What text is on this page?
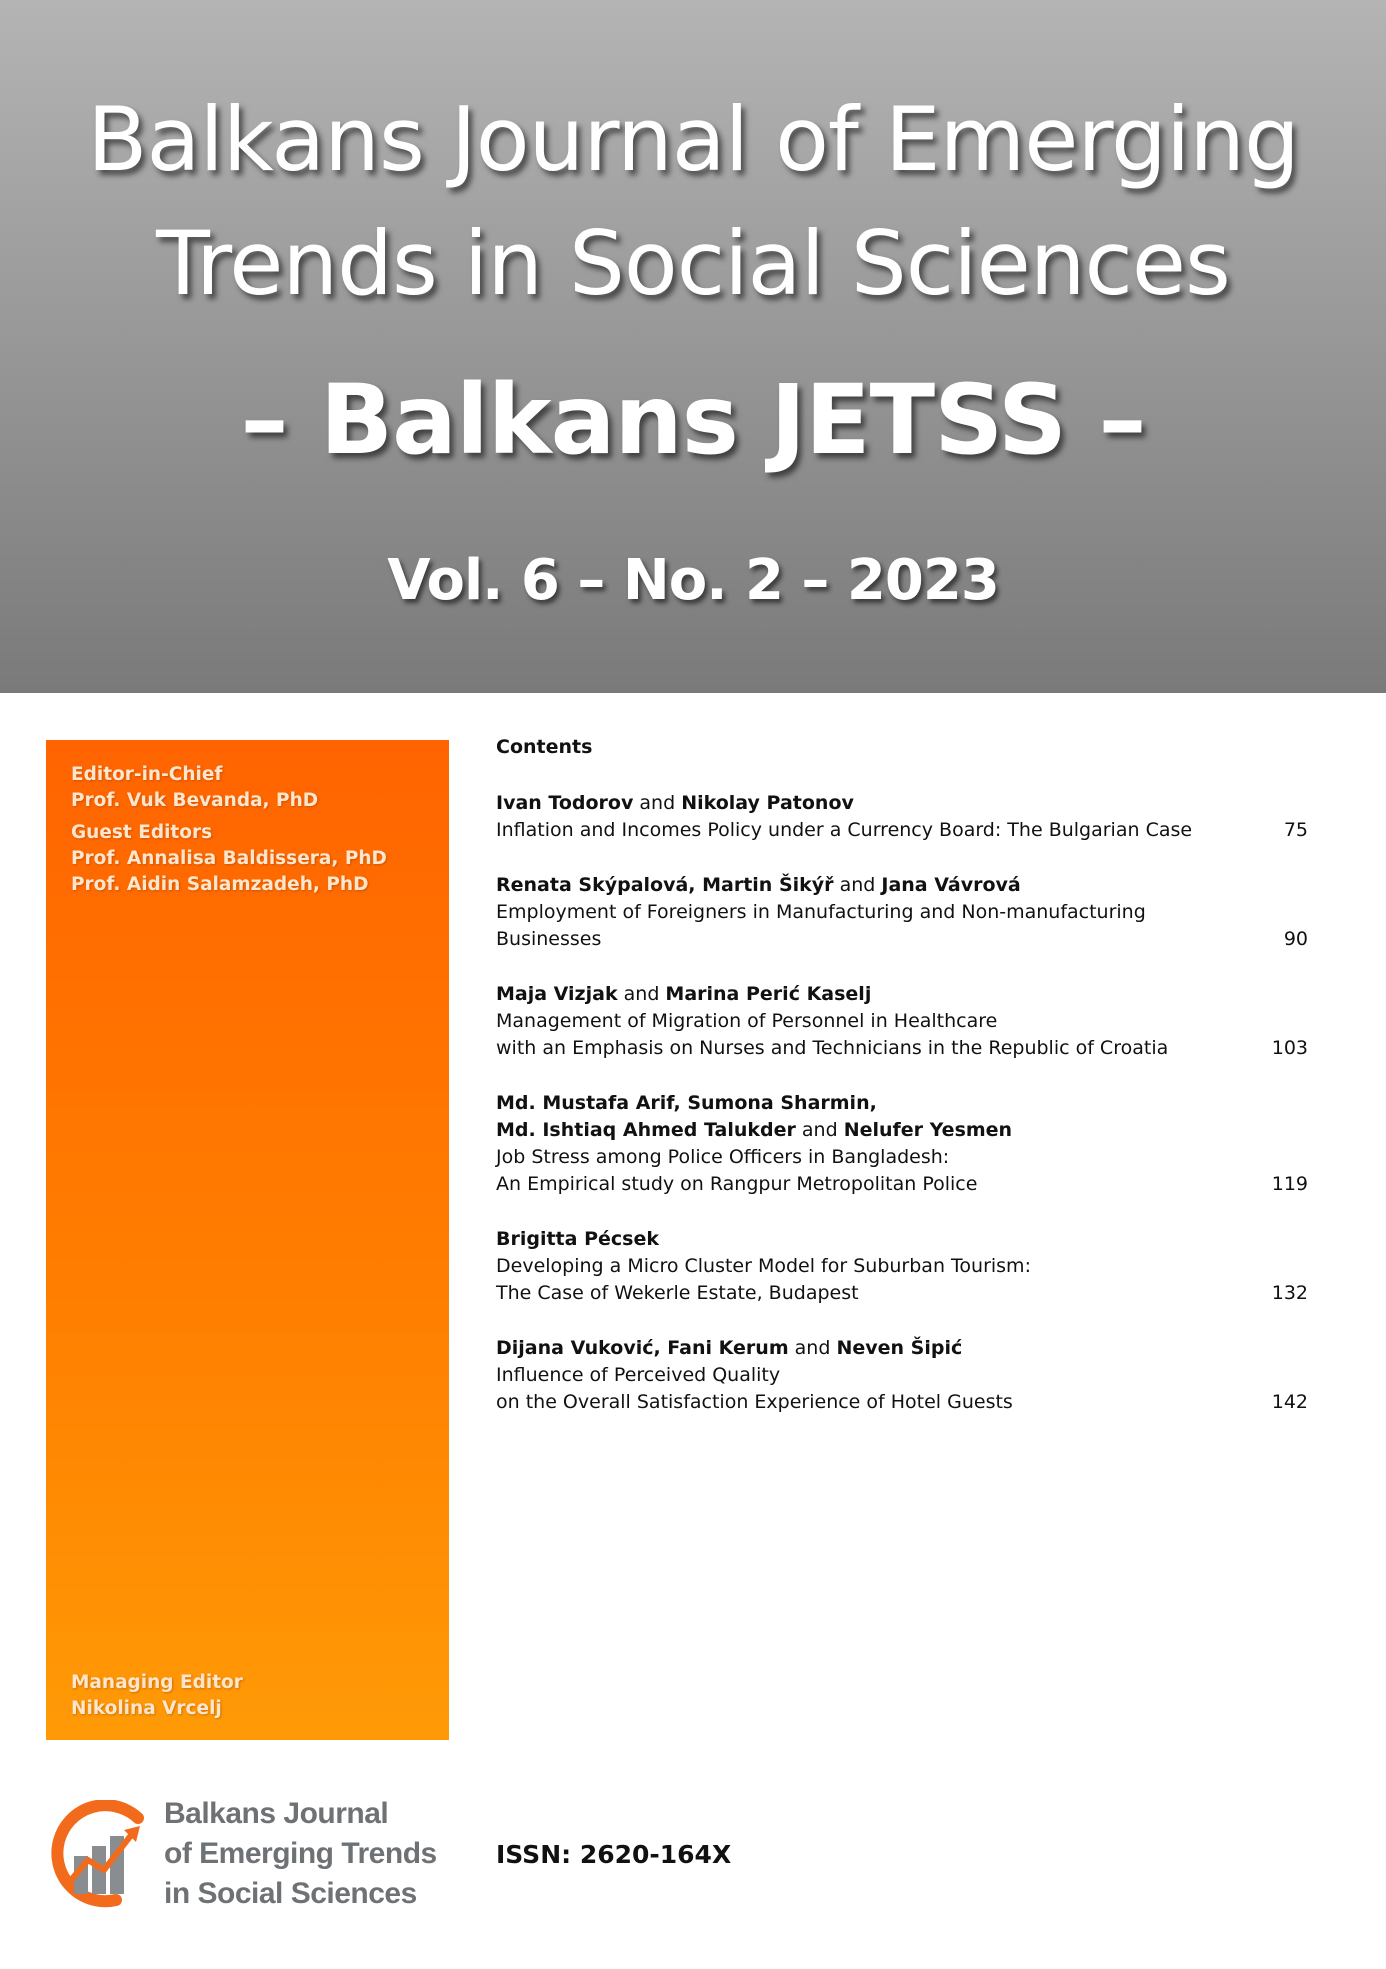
Balkans Journal of Emerging
Trends in Social Sciences
– Balkans JETSS –
Vol. 6 – No. 2 – 2023
Editor-in-Chief
Prof. Vuk Bevanda, PhD
Guest Editors
Prof. Annalisa Baldissera, PhD
Prof. Aidin Salamzadeh, PhD
Managing Editor
Nikolina Vrcelj
Contents
Ivan Todorov and Nikolay Patonov
Inflation and Incomes Policy under a Currency Board: The Bulgarian Case	75
Renata Skýpalová, Martin Šikýř and Jana Vávrová
Employment of Foreigners in Manufacturing and Non-manufacturing Businesses	90
Maja Vizjak and Marina Perić Kaselj
Management of Migration of Personnel in Healthcare
with an Emphasis on Nurses and Technicians in the Republic of Croatia	103
Md. Mustafa Arif, Sumona Sharmin,
Md. Ishtiaq Ahmed Talukder and Nelufer Yesmen
Job Stress among Police Officers in Bangladesh:
An Empirical study on Rangpur Metropolitan Police	119
Brigitta Pécsek
Developing a Micro Cluster Model for Suburban Tourism:
The Case of Wekerle Estate, Budapest	132
Dijana Vuković, Fani Kerum and Neven Šipić
Influence of Perceived Quality
on the Overall Satisfaction Experience of Hotel Guests	142
Balkans Journal
of Emerging Trends
in Social Sciences
ISSN: 2620-164X
